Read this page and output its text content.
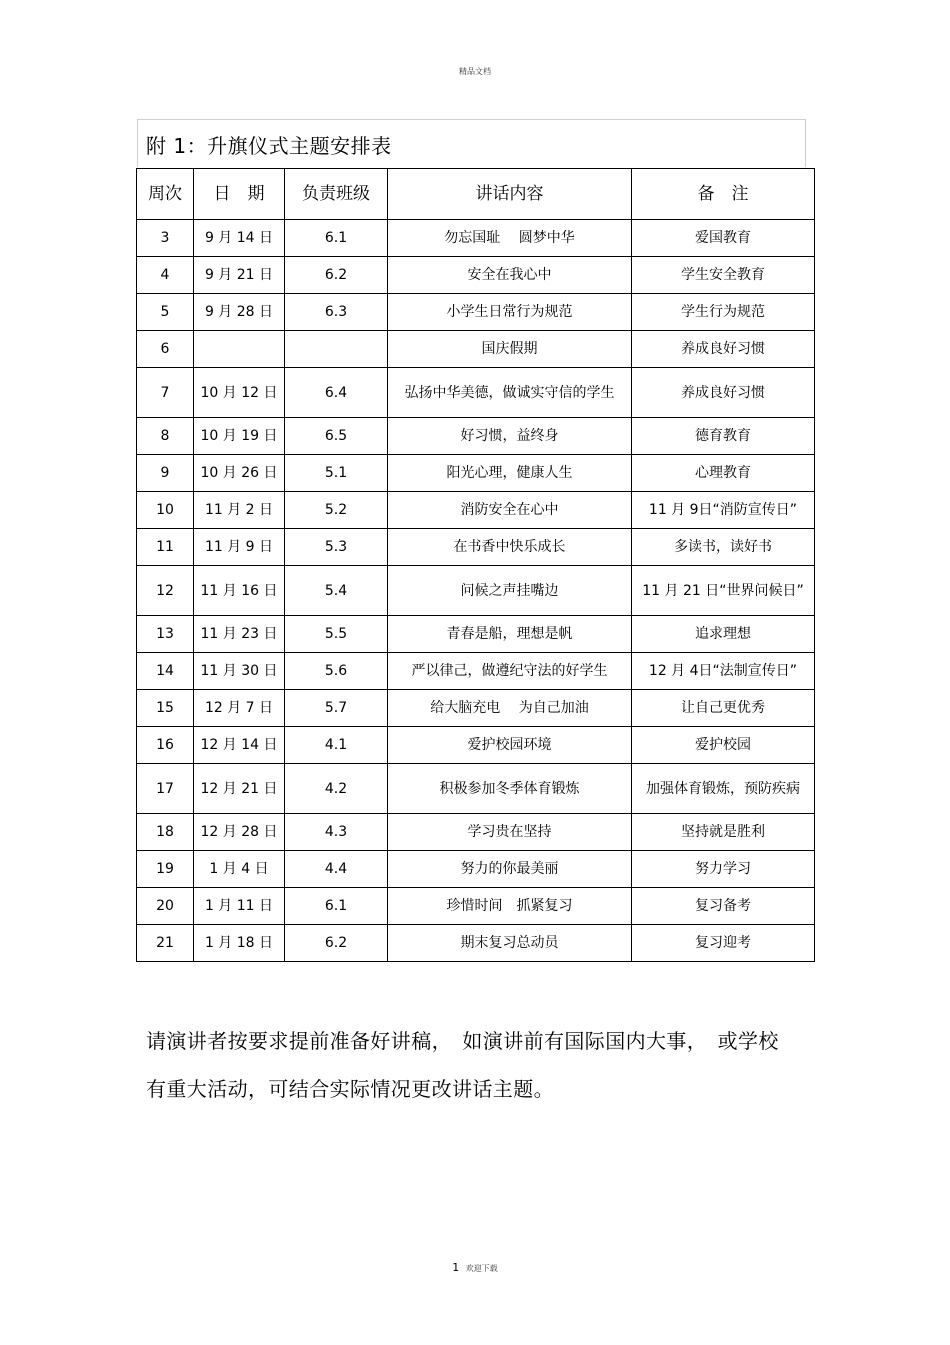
精品文档
附 1：升旗仪式主题安排表
周次	日　期	负责班级	讲话内容	备　注
3	9 月 14 日	6.1	勿忘国耻　 圆梦中华	爱国教育
4	9 月 21 日	6.2	安全在我心中	学生安全教育
5	9 月 28 日	6.3	小学生日常行为规范	学生行为规范
6			国庆假期	养成良好习惯
7	10 月 12 日	6.4	弘扬中华美德，做诚实守信的学生	养成良好习惯
8	10 月 19 日	6.5	好习惯，益终身	德育教育
9	10 月 26 日	5.1	阳光心理，健康人生	心理教育
10	11 月 2 日	5.2	消防安全在心中	11 月 9日“消防宣传日”
11	11 月 9 日	5.3	在书香中快乐成长	多读书，读好书
12	11 月 16 日	5.4	问候之声挂嘴边	11 月 21 日“世界问候日”
13	11 月 23 日	5.5	青春是船，理想是帆	追求理想
14	11 月 30 日	5.6	严以律己，做遵纪守法的好学生	12 月 4日“法制宣传日”
15	12 月 7 日	5.7	给大脑充电　 为自己加油	让自己更优秀
16	12 月 14 日	4.1	爱护校园环境	爱护校园
17	12 月 21 日	4.2	积极参加冬季体育锻炼	加强体育锻炼，预防疾病
18	12 月 28 日	4.3	学习贵在坚持	坚持就是胜利
19	1 月 4 日	4.4	努力的你最美丽	努力学习
20	1 月 11 日	6.1	珍惜时间　抓紧复习	复习备考
21	1 月 18 日	6.2	期末复习总动员	复习迎考
请演讲者按要求提前准备好讲稿，　如演讲前有国际国内大事，　或学校
有重大活动，可结合实际情况更改讲话主题。
1 欢迎下载
